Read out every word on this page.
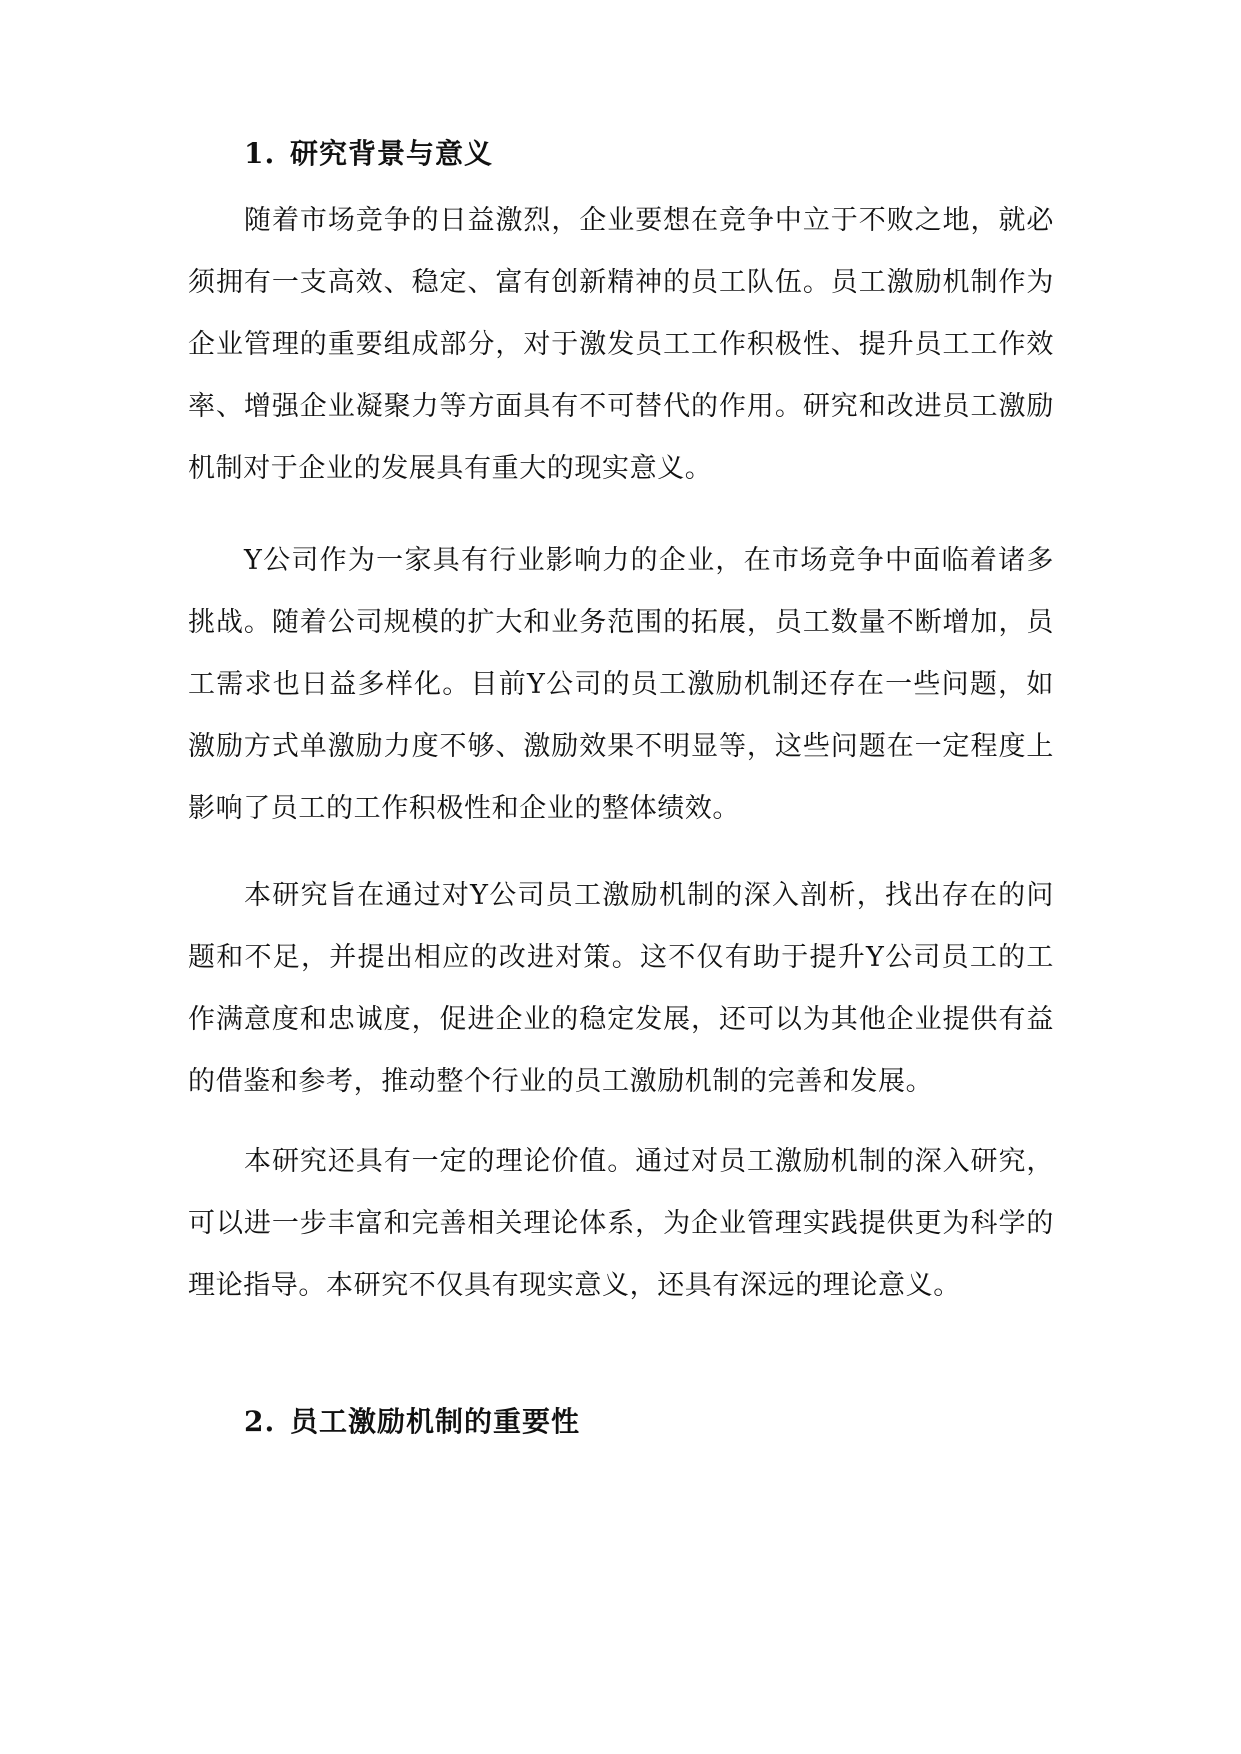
1. 研究背景与意义

随着市场竞争的日益激烈，企业要想在竞争中立于不败之地，就必须拥有一支高效、稳定、富有创新精神的员工队伍。员工激励机制作为企业管理的重要组成部分，对于激发员工工作积极性、提升员工工作效率、增强企业凝聚力等方面具有不可替代的作用。研究和改进员工激励机制对于企业的发展具有重大的现实意义。

Y公司作为一家具有行业影响力的企业，在市场竞争中面临着诸多挑战。随着公司规模的扩大和业务范围的拓展，员工数量不断增加，员工需求也日益多样化。目前Y公司的员工激励机制还存在一些问题，如激励方式单激励力度不够、激励效果不明显等，这些问题在一定程度上影响了员工的工作积极性和企业的整体绩效。

本研究旨在通过对Y公司员工激励机制的深入剖析，找出存在的问题和不足，并提出相应的改进对策。这不仅有助于提升Y公司员工的工作满意度和忠诚度，促进企业的稳定发展，还可以为其他企业提供有益的借鉴和参考，推动整个行业的员工激励机制的完善和发展。

本研究还具有一定的理论价值。通过对员工激励机制的深入研究，可以进一步丰富和完善相关理论体系，为企业管理实践提供更为科学的理论指导。本研究不仅具有现实意义，还具有深远的理论意义。

2. 员工激励机制的重要性
